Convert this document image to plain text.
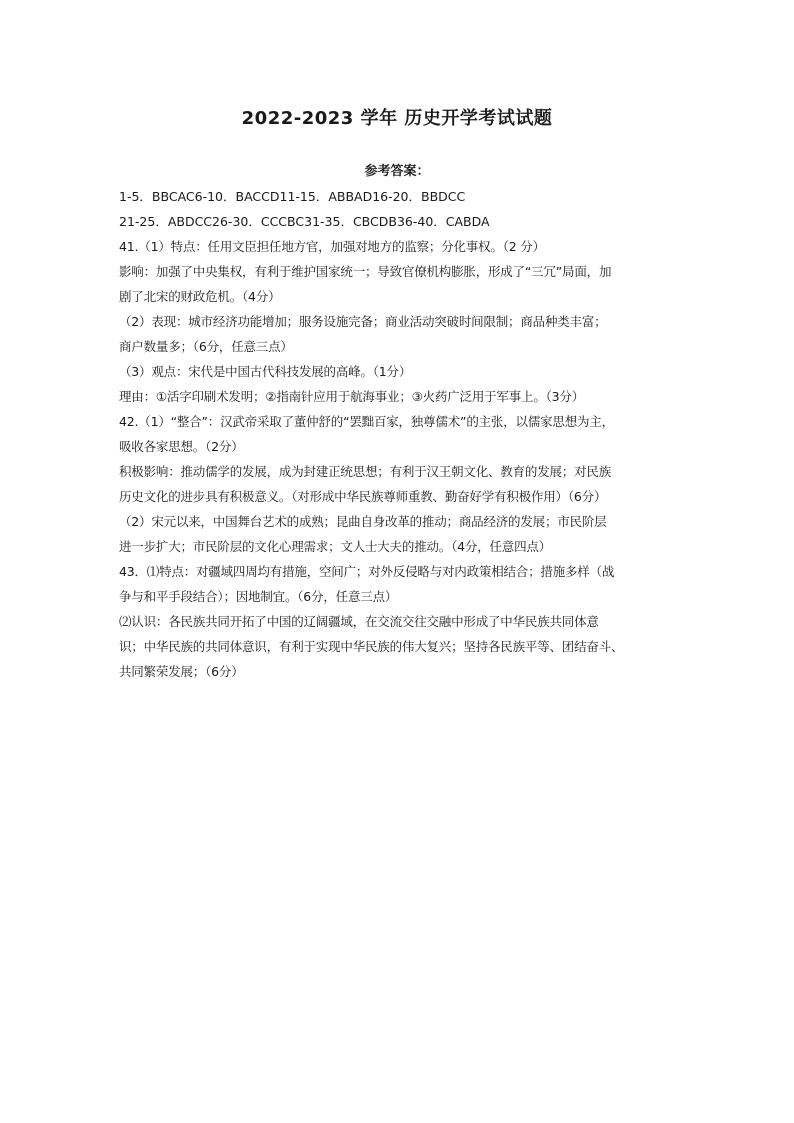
2022-2023 学年 历史开学考试试题
参考答案：

1-5．BBCAC6-10．BACCD11-15．ABBAD16-20．BBDCC

21-25．ABDCC26-30．CCCBC31-35．CBCDB36-40．CABDA

41.（1）特点：任用文臣担任地方官，加强对地方的监察；分化事权。（2 分）

影响：加强了中央集权，有利于维护国家统一；导致官僚机构膨胀，形成了“三冗”局面，加

剧了北宋的财政危机。（4分）

（2）表现：城市经济功能增加；服务设施完备；商业活动突破时间限制；商品种类丰富；

商户数量多；（6分，任意三点）

（3）观点：宋代是中国古代科技发展的高峰。（1分）

理由：①活字印刷术发明；②指南针应用于航海事业；③火药广泛用于军事上。（3分）

42.（1）“整合”：汉武帝采取了董仲舒的“罢黜百家，独尊儒术”的主张，以儒家思想为主，

吸收各家思想。（2分）

积极影响：推动儒学的发展，成为封建正统思想；有利于汉王朝文化、教育的发展；对民族

历史文化的进步具有积极意义。（对形成中华民族尊师重教、勤奋好学有积极作用）（6分）

（2）宋元以来，中国舞台艺术的成熟；昆曲自身改革的推动；商品经济的发展；市民阶层

进一步扩大；市民阶层的文化心理需求；文人士大夫的推动。（4分，任意四点）

43．⑴特点：对疆域四周均有措施，空间广；对外反侵略与对内政策相结合；措施多样（战

争与和平手段结合）；因地制宜。（6分，任意三点）

⑵认识：各民族共同开拓了中国的辽阔疆域，在交流交往交融中形成了中华民族共同体意

识；中华民族的共同体意识，有利于实现中华民族的伟大复兴；坚持各民族平等、团结奋斗、

共同繁荣发展；（6分）
